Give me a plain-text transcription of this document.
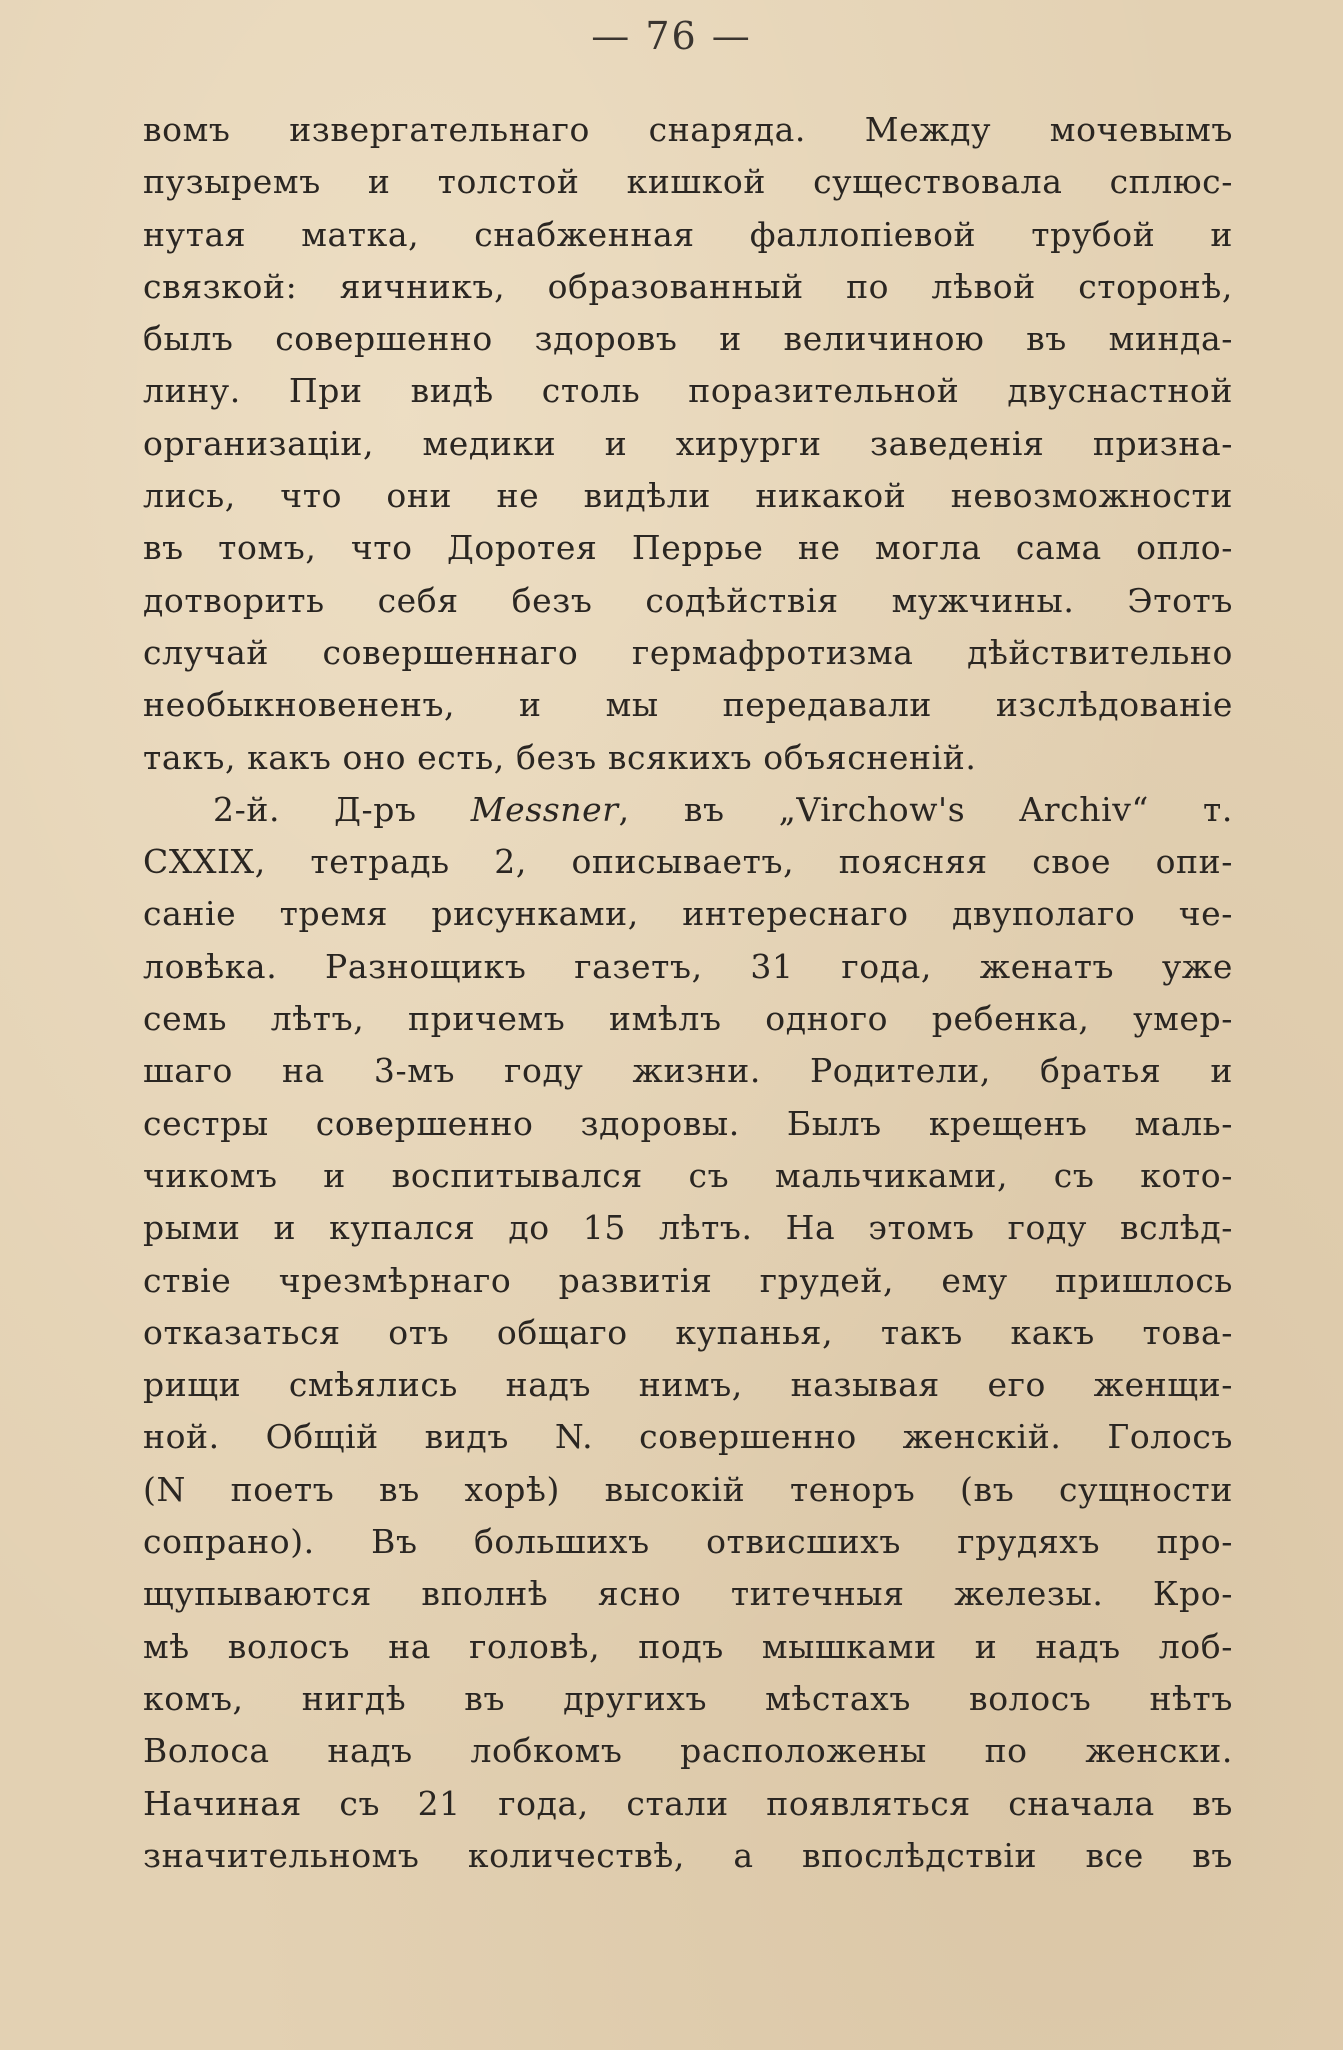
— 76 —
вомъ извергательнаго снаряда. Между мочевымъ
пузыремъ и толстой кишкой существовала сплюс-
нутая матка, снабженная фаллопіевой трубой и
связкой: яичникъ, образованный по лѣвой сторонѣ,
былъ совершенно здоровъ и величиною въ минда-
лину. При видѣ столь поразительной двуснастной
организаціи, медики и хирурги заведенія призна-
лись, что они не видѣли никакой невозможности
въ томъ, что Доротея Перрье не могла сама опло-
дотворить себя безъ содѣйствія мужчины. Этотъ
случай совершеннаго гермафротизма дѣйствительно
необыкновененъ, и мы передавали изслѣдованіе
такъ, какъ оно есть, безъ всякихъ объясненій.
2-й. Д-ръ Messner, въ „Virchow's Archiv“ т.
CXXIX, тетрадь 2, описываетъ, поясняя свое опи-
саніе тремя рисунками, интереснаго двуполаго че-
ловѣка. Разнощикъ газетъ, 31 года, женатъ уже
семь лѣтъ, причемъ имѣлъ одного ребенка, умер-
шаго на 3-мъ году жизни. Родители, братья и
сестры совершенно здоровы. Былъ крещенъ маль-
чикомъ и воспитывался съ мальчиками, съ кото-
рыми и купался до 15 лѣтъ. На этомъ году вслѣд-
ствіе чрезмѣрнаго развитія грудей, ему пришлось
отказаться отъ общаго купанья, такъ какъ това-
рищи смѣялись надъ нимъ, называя его женщи-
ной. Общій видъ N. совершенно женскій. Голосъ
(N поетъ въ хорѣ) высокій теноръ (въ сущности
сопрано). Въ большихъ отвисшихъ грудяхъ про-
щупываются вполнѣ ясно титечныя железы. Кро-
мѣ волосъ на головѣ, подъ мышками и надъ лоб-
комъ, нигдѣ въ другихъ мѣстахъ волосъ нѣтъ
Волоса надъ лобкомъ расположены по женски.
Начиная съ 21 года, стали появляться сначала въ
значительномъ количествѣ, а впослѣдствіи все въ
